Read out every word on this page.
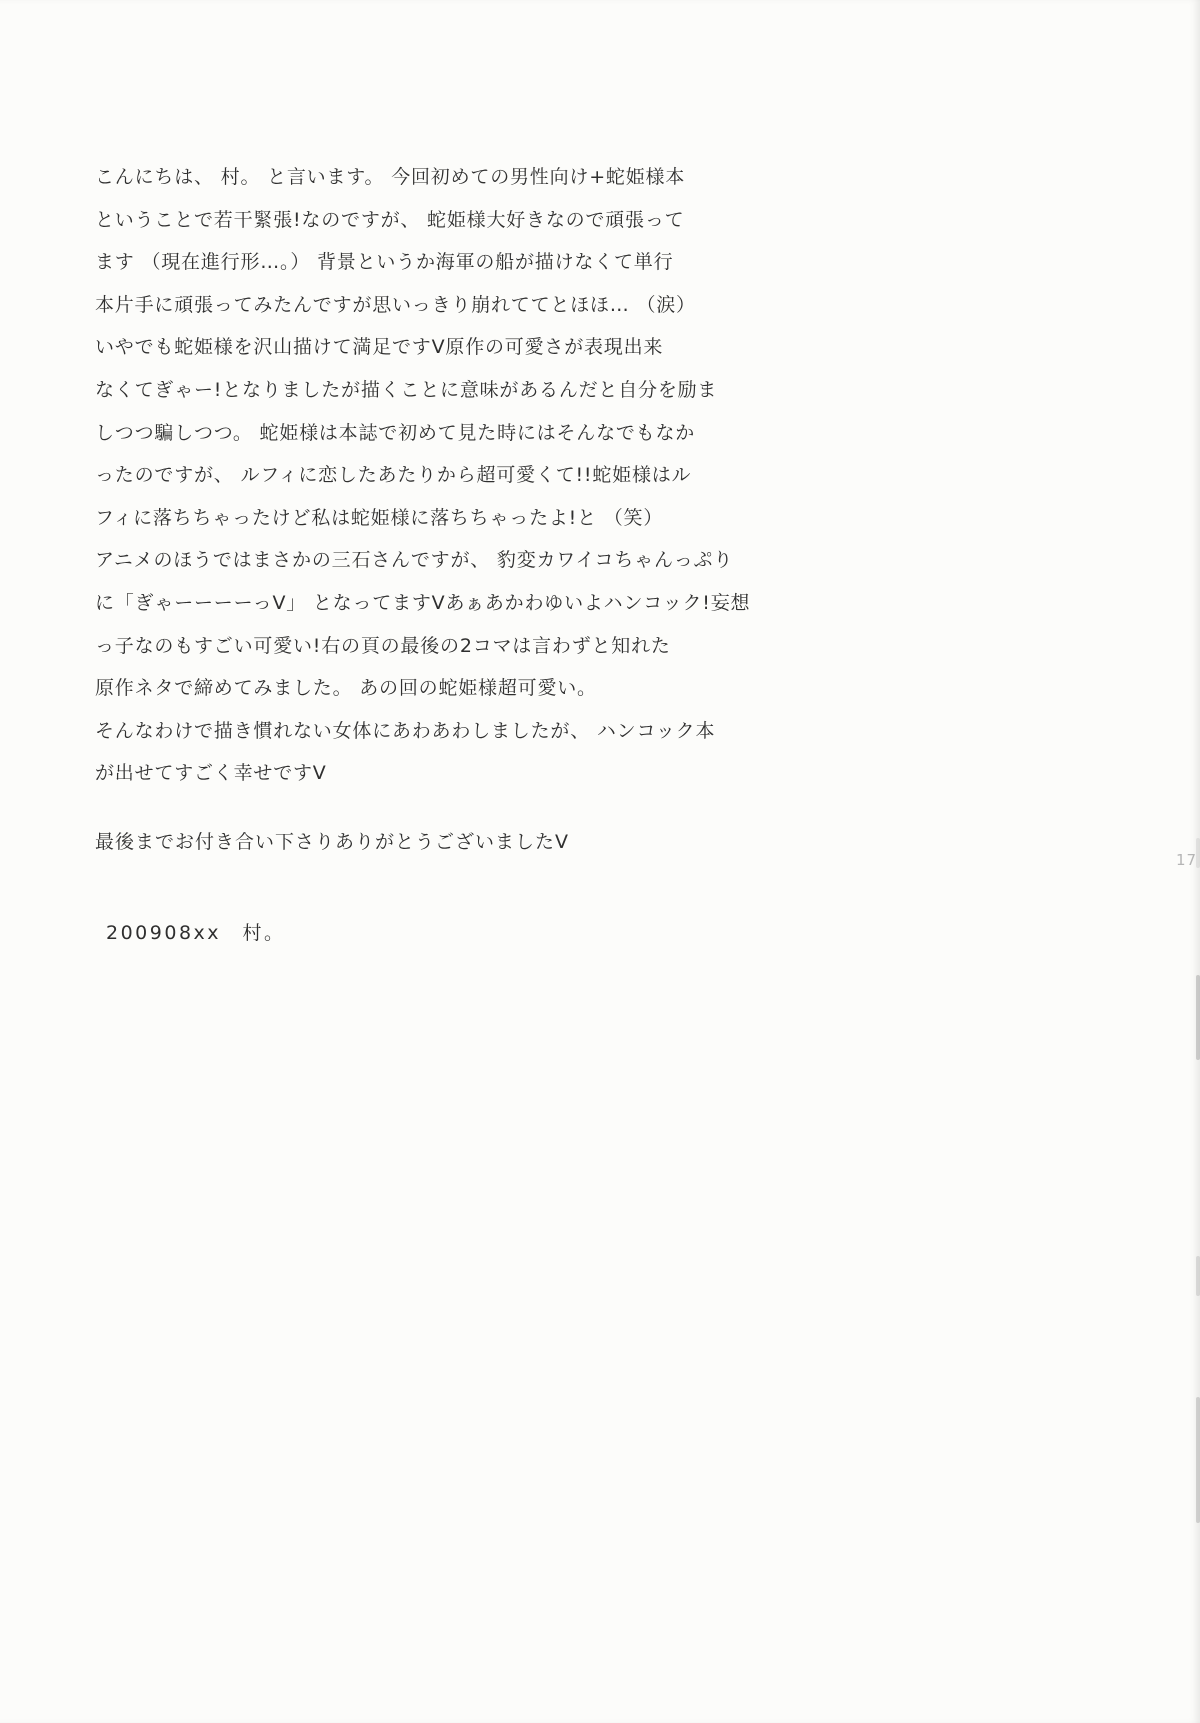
こんにちは、 村。 と言います。 今回初めての男性向け+蛇姫様本

ということで若干緊張!なのですが、 蛇姫様大好きなので頑張って

ます （現在進行形…。） 背景というか海軍の船が描けなくて単行

本片手に頑張ってみたんですが思いっきり崩れててとほほ… （涙）

いやでも蛇姫様を沢山描けて満足ですV原作の可愛さが表現出来

なくてぎゃー!となりましたが描くことに意味があるんだと自分を励ま

しつつ騙しつつ。 蛇姫様は本誌で初めて見た時にはそんなでもなか

ったのですが、 ルフィに恋したあたりから超可愛くて!!蛇姫様はル

フィに落ちちゃったけど私は蛇姫様に落ちちゃったよ!と （笑）

アニメのほうではまさかの三石さんですが、 豹変カワイコちゃんっぷり

に「ぎゃーーーーっV」 となってますVあぁあかわゆいよハンコック!妄想

っ子なのもすごい可愛い!右の頁の最後の2コマは言わずと知れた

原作ネタで締めてみました。 あの回の蛇姫様超可愛い。

そんなわけで描き慣れない女体にあわあわしましたが、 ハンコック本

が出せてすごく幸せですV

最後までお付き合い下さりありがとうございましたV

200908xx　村。

17
